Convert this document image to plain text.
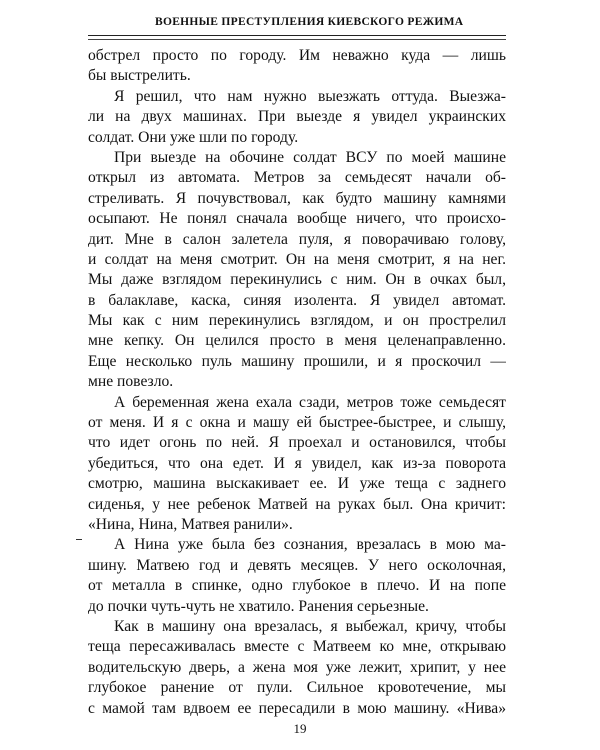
ВОЕННЫЕ ПРЕСТУПЛЕНИЯ КИЕВСКОГО РЕЖИМА
обстрел просто по городу. Им неважно куда — лишь
бы выстрелить.
Я решил, что нам нужно выезжать оттуда. Выезжа-
ли на двух машинах. При выезде я увидел украинских
солдат. Они уже шли по городу.
При выезде на обочине солдат ВСУ по моей машине
открыл из автомата. Метров за семьдесят начали об-
стреливать. Я почувствовал, как будто машину камнями
осыпают. Не понял сначала вообще ничего, что происхо-
дит. Мне в салон залетела пуля, я поворачиваю голову,
и солдат на меня смотрит. Он на меня смотрит, я на нег.
Мы даже взглядом перекинулись с ним. Он в очках был,
в балаклаве, каска, синяя изолента. Я увидел автомат.
Мы как с ним перекинулись взглядом, и он прострелил
мне кепку. Он целился просто в меня целенаправленно.
Еще несколько пуль машину прошили, и я проскочил —
мне повезло.
А беременная жена ехала сзади, метров тоже семьдесят
от меня. И я с окна и машу ей быстрее-быстрее, и слышу,
что идет огонь по ней. Я проехал и остановился, чтобы
убедиться, что она едет. И я увидел, как из-за поворота
смотрю, машина выскакивает ее. И уже теща с заднего
сиденья, у нее ребенок Матвей на руках был. Она кричит:
«Нина, Нина, Матвея ранили».
А Нина уже была без сознания, врезалась в мою ма-
шину. Матвею год и девять месяцев. У него осколочная,
от металла в спинке, одно глубокое в плечо. И на попе
до почки чуть-чуть не хватило. Ранения серьезные.
Как в машину она врезалась, я выбежал, кричу, чтобы
теща пересаживалась вместе с Матвеем ко мне, открываю
водительскую дверь, а жена моя уже лежит, хрипит, у нее
глубокое ранение от пули. Сильное кровотечение, мы
с мамой там вдвоем ее пересадили в мою машину. «Нива»
19
